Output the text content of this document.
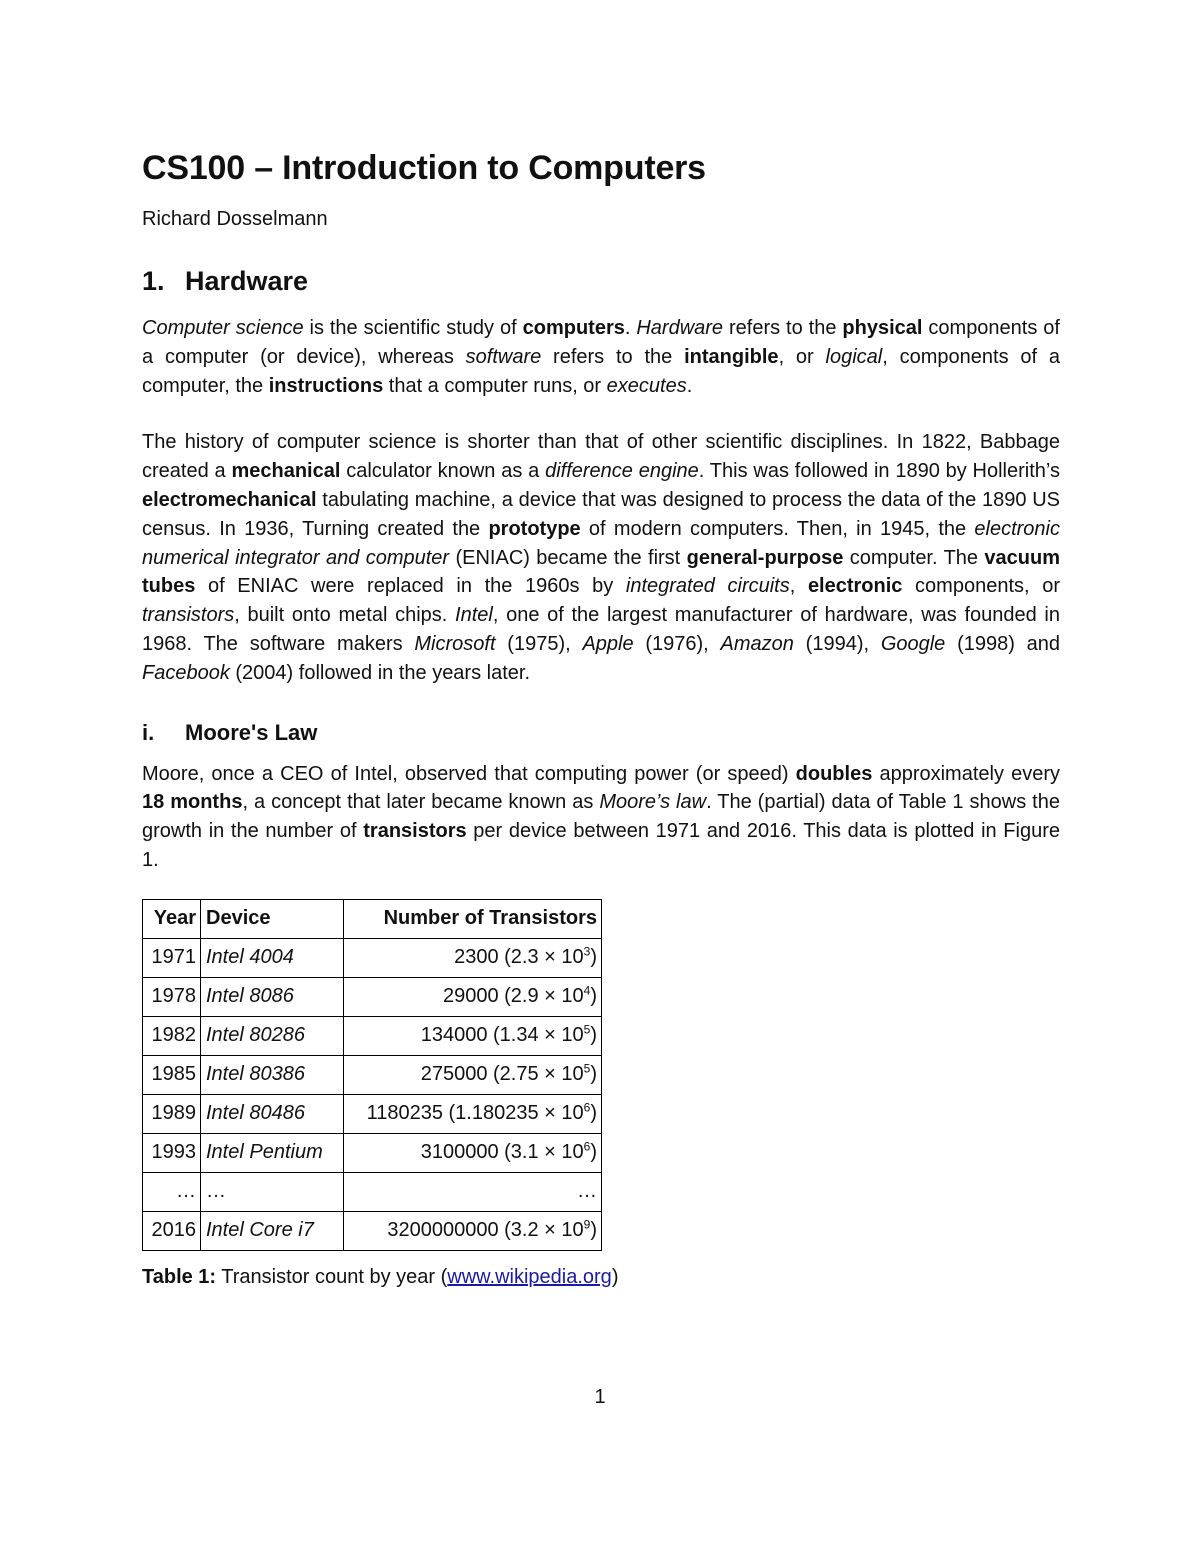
CS100 – Introduction to Computers
Richard Dosselmann
1. Hardware

Computer science is the scientific study of computers. Hardware refers to the physical components of a computer (or device), whereas software refers to the intangible, or logical, components of a computer, the instructions that a computer runs, or executes.

The history of computer science is shorter than that of other scientific disciplines. In 1822, Babbage created a mechanical calculator known as a difference engine. This was followed in 1890 by Hollerith’s electromechanical tabulating machine, a device that was designed to process the data of the 1890 US census. In 1936, Turning created the prototype of modern computers. Then, in 1945, the electronic numerical integrator and computer (ENIAC) became the first general-purpose computer. The vacuum tubes of ENIAC were replaced in the 1960s by integrated circuits, electronic components, or transistors, built onto metal chips. Intel, one of the largest manufacturer of hardware, was founded in 1968. The software makers Microsoft (1975), Apple (1976), Amazon (1994), Google (1998) and Facebook (2004) followed in the years later.

i.	Moore's Law

Moore, once a CEO of Intel, observed that computing power (or speed) doubles approximately every 18 months, a concept that later became known as Moore’s law. The (partial) data of Table 1 shows the growth in the number of transistors per device between 1971 and 2016. This data is plotted in Figure 1.

Year	Device	Number of Transistors
1971	Intel 4004	2300 $(2.3 \times 10^3)$
1978	Intel 8086	29000 $(2.9 \times 10^4)$
1982	Intel 80286	134000 $(1.34 \times 10^5)$
1985	Intel 80386	275000 $(2.75 \times 10^5)$
1989	Intel 80486	1180235 $(1.180235 \times 10^6)$
1993	Intel Pentium	3100000 $(3.1 \times 10^6)$
…	…	…
2016	Intel Core i7	3200000000 $(3.2 \times 10^9)$
Table 1: Transistor count by year (www.wikipedia.org)
1
